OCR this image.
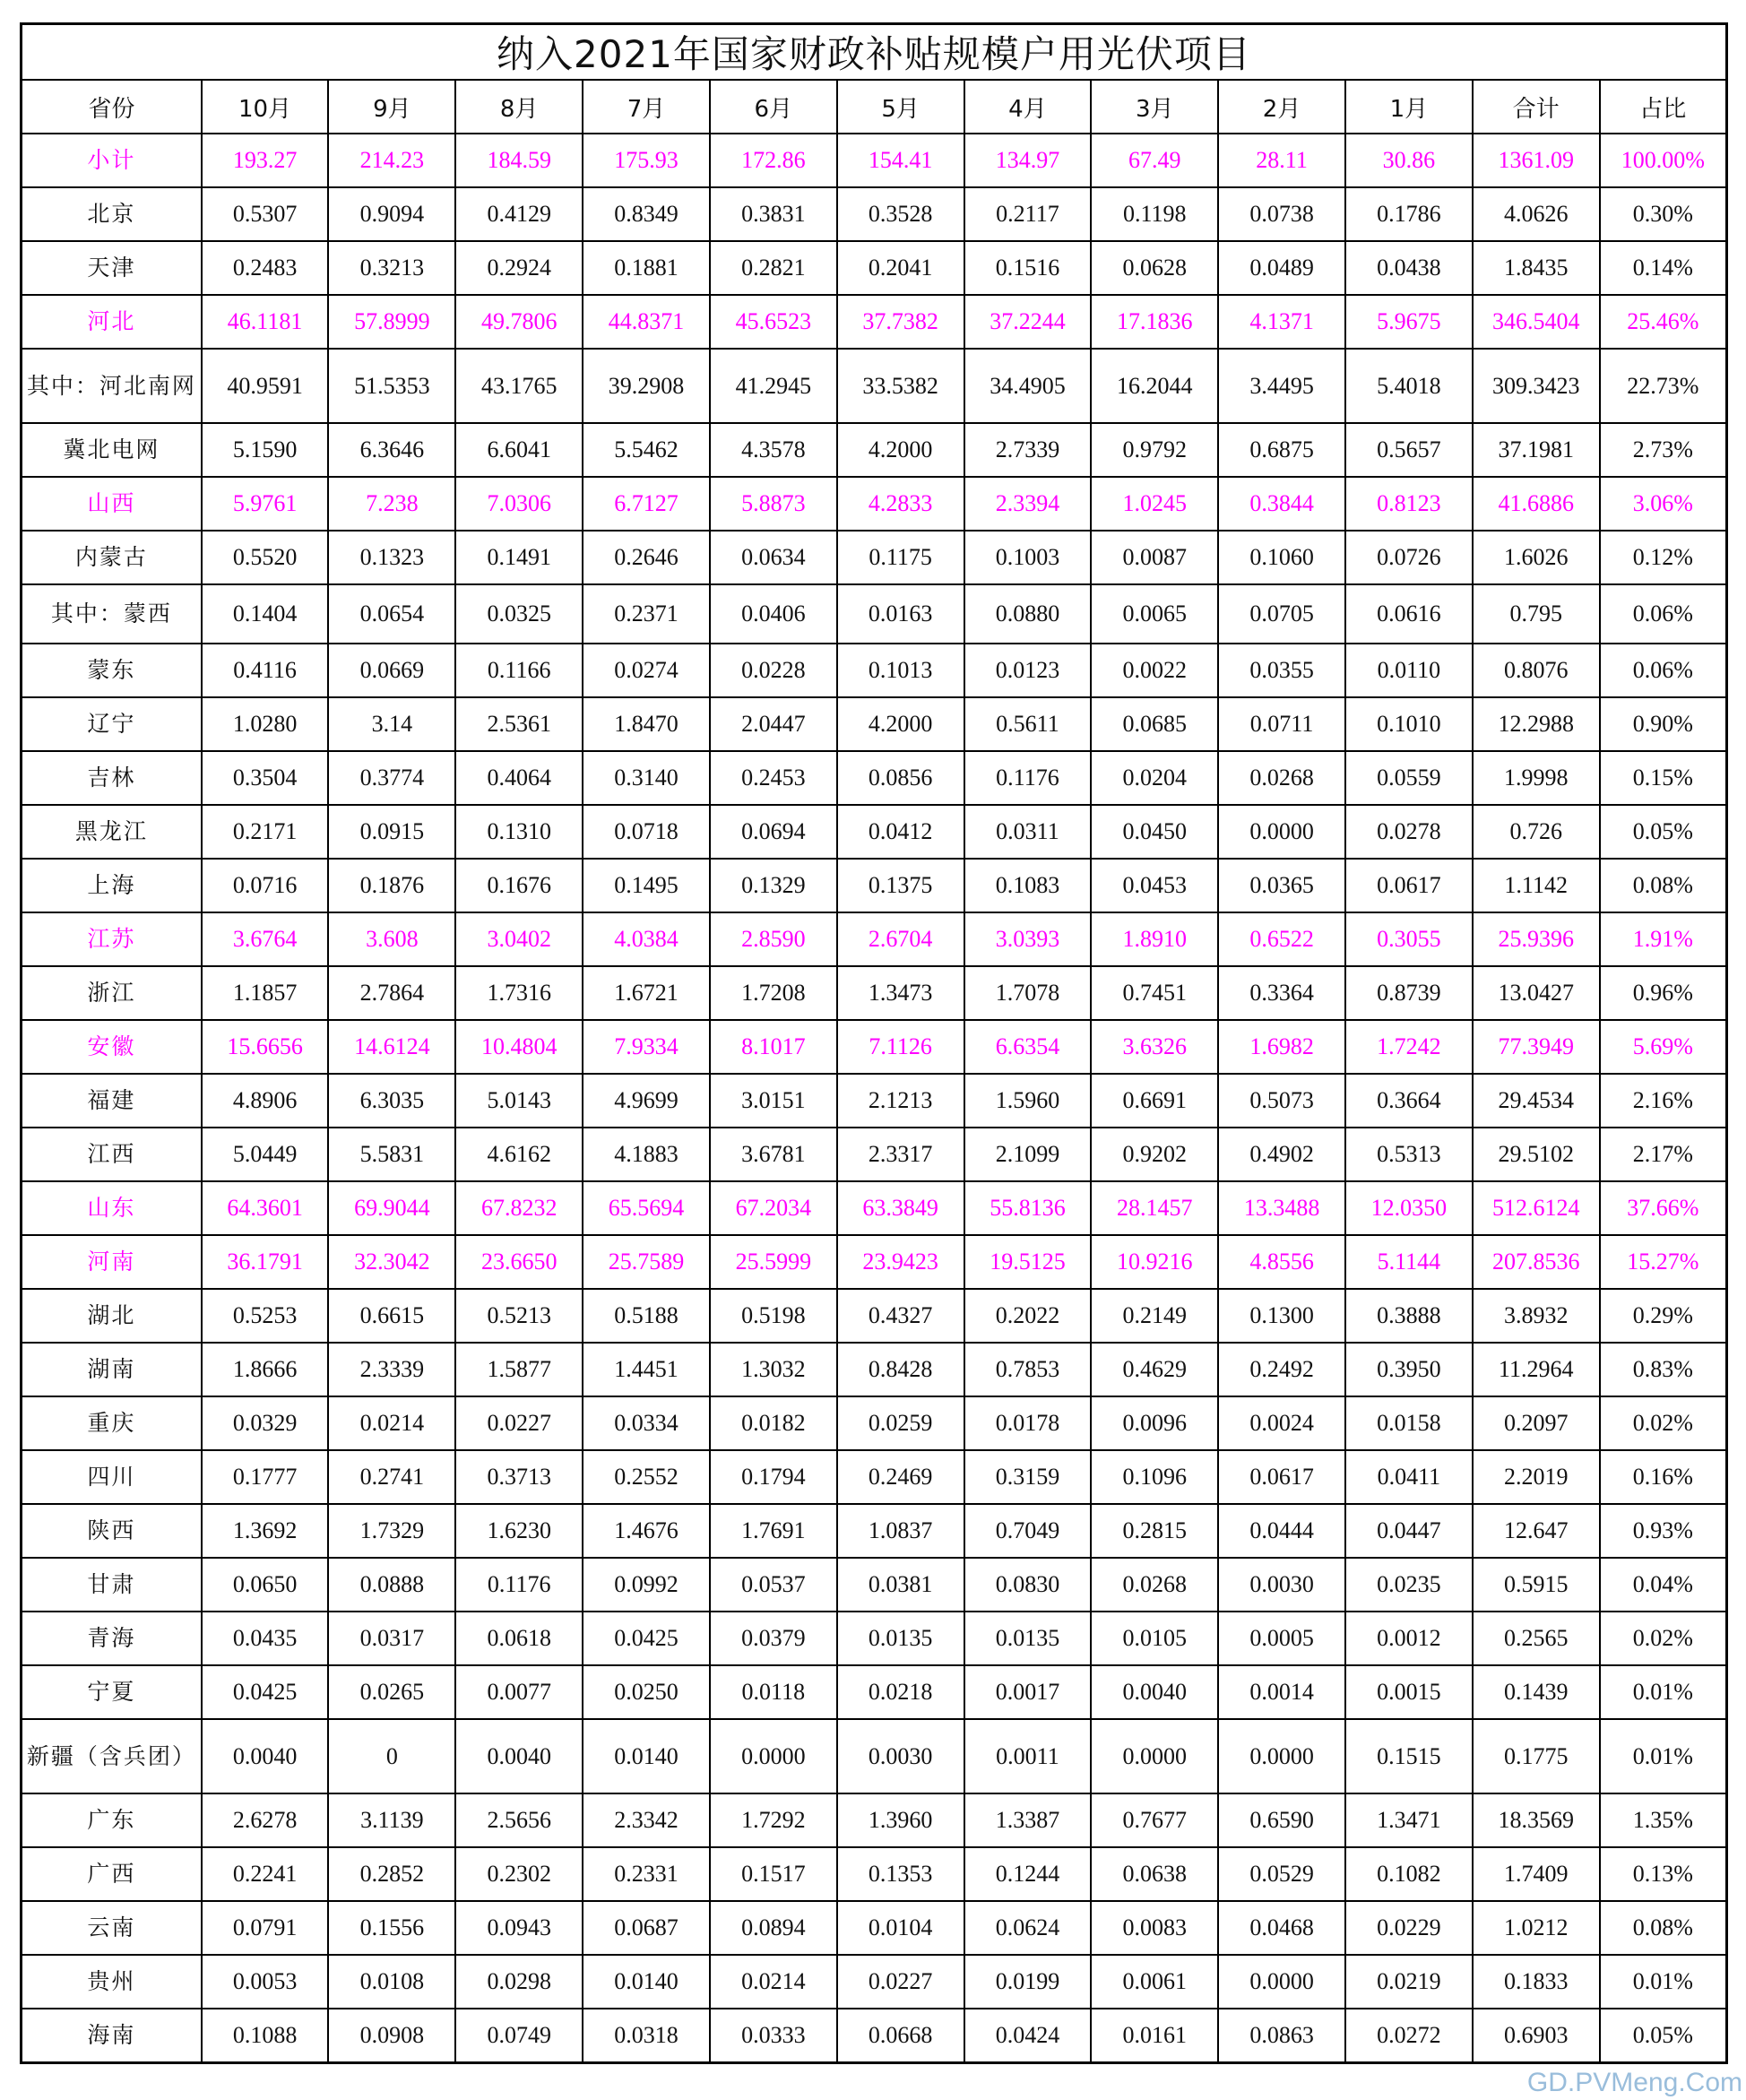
纳入2021年国家财政补贴规模户用光伏项目												
省份	10月	9月	8月	7月	6月	5月	4月	3月	2月	1月	合计	占比
小计	193.27	214.23	184.59	175.93	172.86	154.41	134.97	67.49	28.11	30.86	1361.09	100.00%
北京	0.5307	0.9094	0.4129	0.8349	0.3831	0.3528	0.2117	0.1198	0.0738	0.1786	4.0626	0.30%
天津	0.2483	0.3213	0.2924	0.1881	0.2821	0.2041	0.1516	0.0628	0.0489	0.0438	1.8435	0.14%
河北	46.1181	57.8999	49.7806	44.8371	45.6523	37.7382	37.2244	17.1836	4.1371	5.9675	346.5404	25.46%
其中：河北南网	40.9591	51.5353	43.1765	39.2908	41.2945	33.5382	34.4905	16.2044	3.4495	5.4018	309.3423	22.73%
冀北电网	5.1590	6.3646	6.6041	5.5462	4.3578	4.2000	2.7339	0.9792	0.6875	0.5657	37.1981	2.73%
山西	5.9761	7.238	7.0306	6.7127	5.8873	4.2833	2.3394	1.0245	0.3844	0.8123	41.6886	3.06%
内蒙古	0.5520	0.1323	0.1491	0.2646	0.0634	0.1175	0.1003	0.0087	0.1060	0.0726	1.6026	0.12%
其中：蒙西	0.1404	0.0654	0.0325	0.2371	0.0406	0.0163	0.0880	0.0065	0.0705	0.0616	0.795	0.06%
蒙东	0.4116	0.0669	0.1166	0.0274	0.0228	0.1013	0.0123	0.0022	0.0355	0.0110	0.8076	0.06%
辽宁	1.0280	3.14	2.5361	1.8470	2.0447	4.2000	0.5611	0.0685	0.0711	0.1010	12.2988	0.90%
吉林	0.3504	0.3774	0.4064	0.3140	0.2453	0.0856	0.1176	0.0204	0.0268	0.0559	1.9998	0.15%
黑龙江	0.2171	0.0915	0.1310	0.0718	0.0694	0.0412	0.0311	0.0450	0.0000	0.0278	0.726	0.05%
上海	0.0716	0.1876	0.1676	0.1495	0.1329	0.1375	0.1083	0.0453	0.0365	0.0617	1.1142	0.08%
江苏	3.6764	3.608	3.0402	4.0384	2.8590	2.6704	3.0393	1.8910	0.6522	0.3055	25.9396	1.91%
浙江	1.1857	2.7864	1.7316	1.6721	1.7208	1.3473	1.7078	0.7451	0.3364	0.8739	13.0427	0.96%
安徽	15.6656	14.6124	10.4804	7.9334	8.1017	7.1126	6.6354	3.6326	1.6982	1.7242	77.3949	5.69%
福建	4.8906	6.3035	5.0143	4.9699	3.0151	2.1213	1.5960	0.6691	0.5073	0.3664	29.4534	2.16%
江西	5.0449	5.5831	4.6162	4.1883	3.6781	2.3317	2.1099	0.9202	0.4902	0.5313	29.5102	2.17%
山东	64.3601	69.9044	67.8232	65.5694	67.2034	63.3849	55.8136	28.1457	13.3488	12.0350	512.6124	37.66%
河南	36.1791	32.3042	23.6650	25.7589	25.5999	23.9423	19.5125	10.9216	4.8556	5.1144	207.8536	15.27%
湖北	0.5253	0.6615	0.5213	0.5188	0.5198	0.4327	0.2022	0.2149	0.1300	0.3888	3.8932	0.29%
湖南	1.8666	2.3339	1.5877	1.4451	1.3032	0.8428	0.7853	0.4629	0.2492	0.3950	11.2964	0.83%
重庆	0.0329	0.0214	0.0227	0.0334	0.0182	0.0259	0.0178	0.0096	0.0024	0.0158	0.2097	0.02%
四川	0.1777	0.2741	0.3713	0.2552	0.1794	0.2469	0.3159	0.1096	0.0617	0.0411	2.2019	0.16%
陕西	1.3692	1.7329	1.6230	1.4676	1.7691	1.0837	0.7049	0.2815	0.0444	0.0447	12.647	0.93%
甘肃	0.0650	0.0888	0.1176	0.0992	0.0537	0.0381	0.0830	0.0268	0.0030	0.0235	0.5915	0.04%
青海	0.0435	0.0317	0.0618	0.0425	0.0379	0.0135	0.0135	0.0105	0.0005	0.0012	0.2565	0.02%
宁夏	0.0425	0.0265	0.0077	0.0250	0.0118	0.0218	0.0017	0.0040	0.0014	0.0015	0.1439	0.01%
新疆（含兵团）	0.0040	0	0.0040	0.0140	0.0000	0.0030	0.0011	0.0000	0.0000	0.1515	0.1775	0.01%
广东	2.6278	3.1139	2.5656	2.3342	1.7292	1.3960	1.3387	0.7677	0.6590	1.3471	18.3569	1.35%
广西	0.2241	0.2852	0.2302	0.2331	0.1517	0.1353	0.1244	0.0638	0.0529	0.1082	1.7409	0.13%
云南	0.0791	0.1556	0.0943	0.0687	0.0894	0.0104	0.0624	0.0083	0.0468	0.0229	1.0212	0.08%
贵州	0.0053	0.0108	0.0298	0.0140	0.0214	0.0227	0.0199	0.0061	0.0000	0.0219	0.1833	0.01%
海南	0.1088	0.0908	0.0749	0.0318	0.0333	0.0668	0.0424	0.0161	0.0863	0.0272	0.6903	0.05%
GD.PVMeng.Com
